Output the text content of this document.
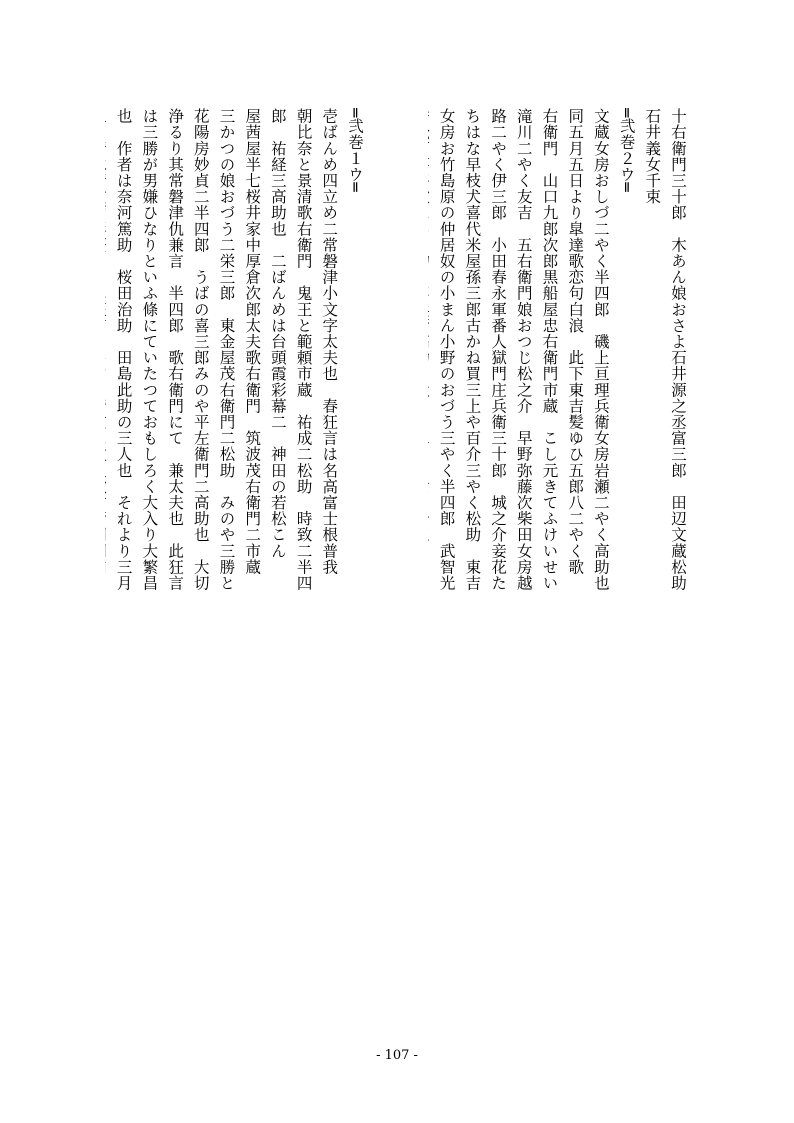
十右衛門三十郎　木あん娘おさよ石井源之丞富三郎　田辺文蔵松助
石井義女千束
═弐巻２ウ═
文蔵女房おしづ二やく半四郎　磯上亘理兵衛女房岩瀬二やく高助也
同五月五日より皐達歌恋句白浪　此下東吉髪ゆひ五郎八二やく歌
右衛門　山口九郎次郎黒船屋忠右衛門市蔵　こし元きてふけいせい
滝川二やく友吉　五右衛門娘おつじ松之介　早野弥藤次柴田女房越
路二やく伊三郎　小田春永軍番人獄門庄兵衛三十郎　城之介妾花た
ちはな早枝犬喜代米屋孫三郎古かね買三上や百介三やく松助　東吉
女房お竹島原の仲居奴の小まん小野のおづう三やく半四郎　武智光
═弐巻１ウ═
壱ばんめ四立め二常磐津小文字太夫也　春狂言は名高富士根普我
朝比奈と景清歌右衛門　鬼王と範頼市蔵　祐成二松助　時致二半四
郎　祐経三高助也　二ばんめは台頭霞彩幕二　神田の若松こん
屋茜屋半七桜井家中厚倉次郎太夫歌右衛門　筑波茂右衛門二市蔵
三かつの娘おづう二栄三郎　東金屋茂右衛門二松助　みのや三勝と
花陽房妙貞二半四郎　うばの喜三郎みのや平左衛門二高助也　大切
浄るり其常磐津仇兼言　半四郎　歌右衛門にて　兼太夫也　此狂言
は三勝が男嫌ひなりといふ條にていたつておもしろく大入り大繁昌
也　作者は奈河篤助　桜田治助　田島此助の三人也　それより三月
- 107 -
